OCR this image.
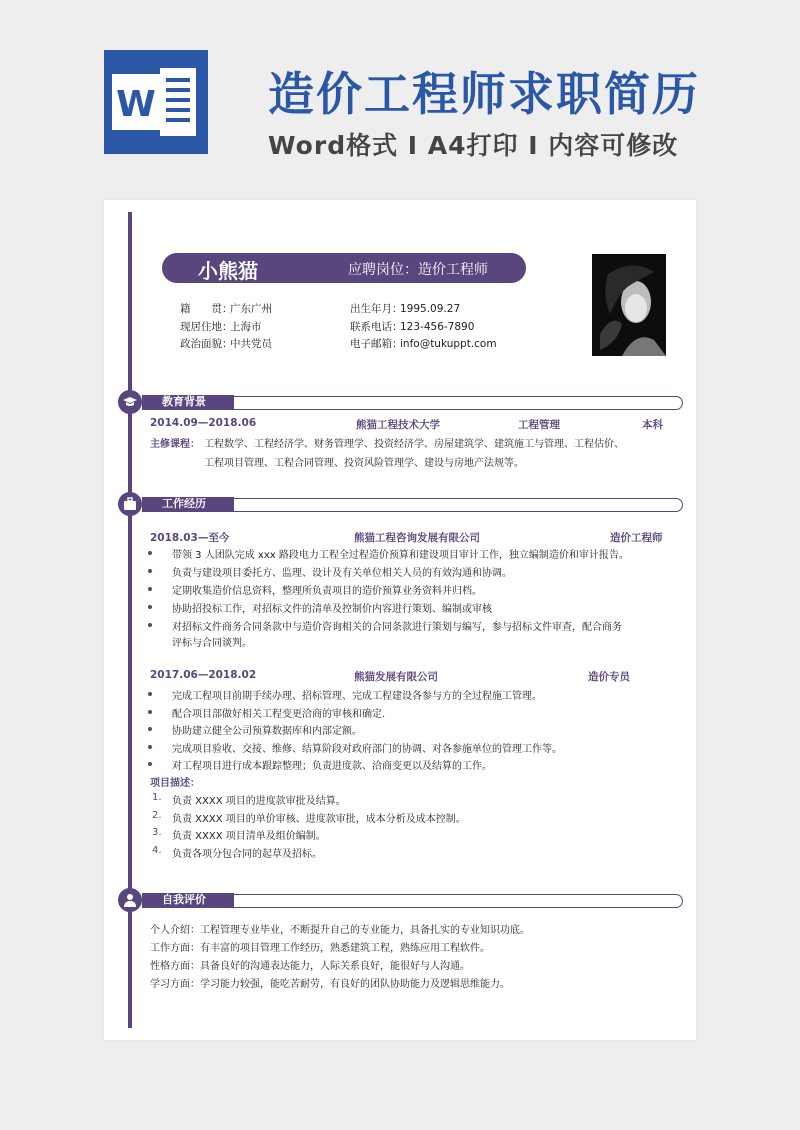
W 造价工程师求职简历
Word格式 I A4打印 I 内容可修改
小熊猫	应聘岗位：造价工程师
籍　　贯：广东广州
现居住地：上海市
政治面貌：中共党员
出生年月：1995.09.27
联系电话：123-456-7890
电子邮箱：info@tukuppt.com
教育背景
2014.09—2018.06	熊猫工程技术大学	工程管理	本科
主修课程： 工程数学、工程经济学、财务管理学、投资经济学、房屋建筑学、建筑施工与管理、工程估价、
工程项目管理、工程合同管理、投资风险管理学、建设与房地产法规等。
工作经历
2018.03—至今	熊猫工程咨询发展有限公司	造价工程师
带领 3 人团队完成 xxx 路段电力工程全过程造价预算和建设项目审计工作，独立编制造价和审计报告。
负责与建设项目委托方、监理、设计及有关单位相关人员的有效沟通和协调。
定期收集造价信息资料，整理所负责项目的造价预算业务资料并归档。
协助招投标工作，对招标文件的清单及控制价内容进行策划、编制或审核
对招标文件商务合同条款中与造价咨询相关的合同条款进行策划与编写，参与招标文件审查，配合商务
评标与合同谈判。
2017.06—2018.02	熊猫发展有限公司	造价专员
完成工程项目前期手续办理、招标管理、完成工程建设各参与方的全过程施工管理。
配合项目部做好相关工程变更洽商的审核和确定.
协助建立健全公司预算数据库和内部定额。
完成项目验收、交接、维修、结算阶段对政府部门的协调、对各参施单位的管理工作等。
对工程项目进行成本跟踪整理；负责进度款、洽商变更以及结算的工作。
项目描述：
1. 负责 XXXX 项目的进度款审批及结算。
2. 负责 XXXX 项目的单价审核、进度款审批，成本分析及成本控制。
3. 负责 XXXX 项目清单及组价编制。
4. 负责各项分包合同的起草及招标。
自我评价
个人介绍：工程管理专业毕业，不断提升自己的专业能力，具备扎实的专业知识功底。
工作方面：有丰富的项目管理工作经历，熟悉建筑工程，熟练应用工程软件。
性格方面：具备良好的沟通表达能力，人际关系良好，能很好与人沟通。
学习方面：学习能力较强，能吃苦耐劳，有良好的团队协助能力及逻辑思维能力。
